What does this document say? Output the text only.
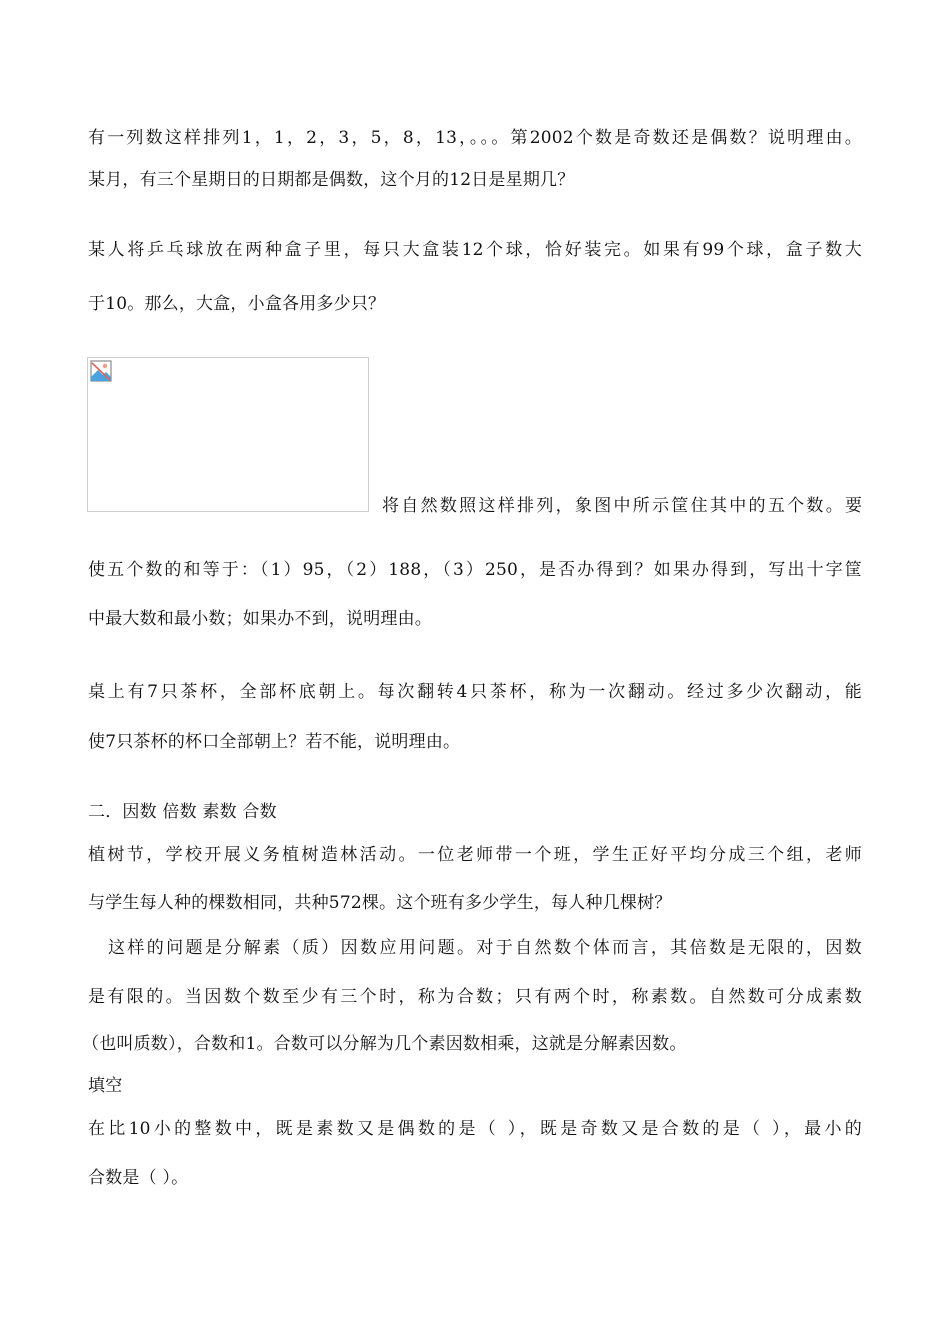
有一列数这样排列1，1，2，3，5，8，13，。。。第2002个数是奇数还是偶数？说明理由。
某月，有三个星期日的日期都是偶数，这个月的12日是星期几？
某人将乒乓球放在两种盒子里，每只大盒装12个球，恰好装完。如果有99个球，盒子数大
于10。那么，大盒，小盒各用多少只？
将自然数照这样排列，象图中所示筐住其中的五个数。要
使五个数的和等于：（1）95，（2）188，（3）250，是否办得到？如果办得到，写出十字筐
中最大数和最小数；如果办不到，说明理由。
桌上有7只茶杯，全部杯底朝上。每次翻转4只茶杯，称为一次翻动。经过多少次翻动，能
使7只茶杯的杯口全部朝上？若不能，说明理由。
二．因数 倍数 素数 合数
植树节，学校开展义务植树造林活动。一位老师带一个班，学生正好平均分成三个组，老师
与学生每人种的棵数相同，共种572棵。这个班有多少学生，每人种几棵树？
这样的问题是分解素（质）因数应用问题。对于自然数个体而言，其倍数是无限的，因数
是有限的。当因数个数至少有三个时，称为合数；只有两个时，称素数。自然数可分成素数
（也叫质数），合数和1。合数可以分解为几个素因数相乘，这就是分解素因数。
填空
在比10小的整数中，既是素数又是偶数的是（ ），既是奇数又是合数的是（ ），最小的
合数是（ ）。
